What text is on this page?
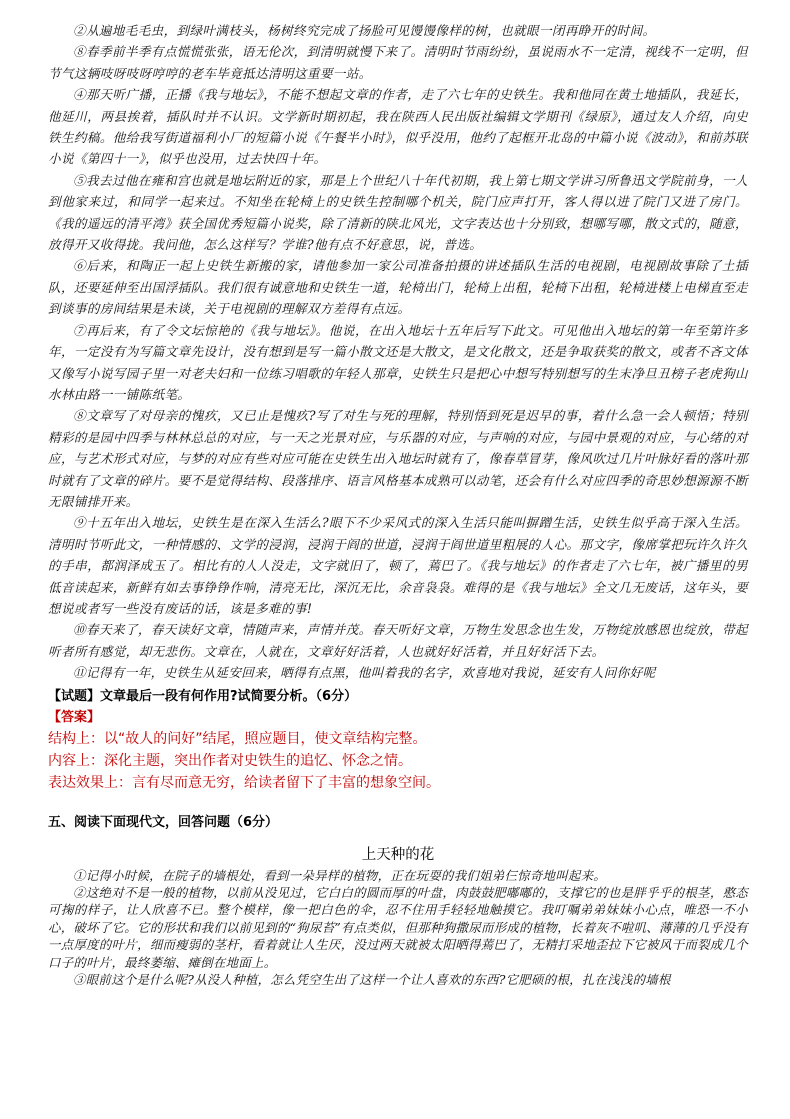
②从遍地毛毛虫，到绿叶满枝头，杨树终究完成了扬脸可见馒馒像样的树，也就眼一闭再睁开的时间。

⑧春季前半季有点慌慌张张，语无伦次，到清明就慢下来了。清明时节雨纷纷，虽说雨水不一定清，视线不一定明，但节气这辆吱呀吱呀哼哼的老车毕竟抵达清明这重要一站。

④那天听广播，正播《我与地坛》，不能不想起文章的作者，走了六七年的史铁生。我和他同在黄土地插队，我延长，他延川，两县挨着，插队时并不认识。文学新时期初起，我在陕西人民出版社编辑文学期刊《绿原》，通过友人介绍，向史铁生约稿。他给我写街道福利小厂的短篇小说《午餐半小时》，似乎没用，他约了起框开北岛的中篇小说《波动》，和前苏联小说《第四十一》，似乎也没用，过去快四十年。

⑤我去过他在雍和宫也就是地坛附近的家，那是上个世纪八十年代初期，我上第七期文学讲习所鲁迅文学院前身，一人到他家来过，和同学一起来过。不知坐在轮椅上的史铁生控制哪个机关，院门应声打开，客人得以进了院门又进了房门。《我的遥远的清平湾》获全国优秀短篇小说奖，除了清新的陕北风光，文字表达也十分别致，想哪写哪，散文式的，随意，放得开又收得拢。我问他，怎么这样写？学谁?他有点不好意思，说，普选。

⑥后来，和陶正一起上史铁生新搬的家，请他参加一家公司准备拍摄的讲述插队生活的电视剧，电视剧故事除了土插队，还要延伸至出国浮插队。我们很有诚意地和史铁生一道，轮椅出门，轮椅上出租，轮椅下出租，轮椅进楼上电梯直至走到谈事的房间结果是未谈，关于电视剧的理解双方差得有点远。

⑦再后来，有了令文坛惊艳的《我与地坛》。他说，在出入地坛十五年后写下此文。可见他出入地坛的第一年至第许多年，一定没有为写篇文章先设计，没有想到是写一篇小散文还是大散文，是文化散文，还是争取获奖的散文，或者不吝文体又像写小说写园子里一对老夫妇和一位练习唱歌的年轻人那章，史铁生只是把心中想写特别想写的生末净旦丑榜子老虎狗山水林由路一一铺陈纸笔。

⑧文章写了对母亲的愧疚，又已止是愧疚?写了对生与死的理解，特别悟到死是迟早的事，着什么急一会人顿悟；特别精彩的是园中四季与林林总总的对应，与一天之光景对应，与乐器的对应，与声响的对应，与园中景观的对应，与心绪的对应，与艺术形式对应，与梦的对应有些对应可能在史铁生出入地坛时就有了，像春草冒芽，像风吹过几片叶脉好看的落叶那时就有了文章的碎片。要不是觉得结构、段落排序、语言风格基本成熟可以动笔，还会有什么对应四季的奇思妙想源源不断无限铺排开来。

⑨十五年出入地坛，史铁生是在深入生活么?眼下不少采风式的深入生活只能叫摒蹭生活，史铁生似乎高于深入生活。清明时节听此文，一种情感的、文学的浸润，浸润于阎的世道，浸润于阎世道里粗展的人心。那文字，像席掌把玩许久许久的手串，都润泽成玉了。相比有的人人没走，文字就旧了，顿了，蔫巴了。《我与地坛》的作者走了六七年，被广播里的男低音读起来，新鲜有如去事铮铮作响，清亮无比，深沉无比，余音袅袅。难得的是《我与地坛》全文几无废话，这年头，要想说或者写一些没有废话的话，该是多难的事!

⑩春天来了，春天读好文章，情随声来，声情并茂。春天听好文章，万物生发思念也生发，万物绽放感恩也绽放，带起听者所有感觉，却无悲伤。文章在，人就在，文章好好活着，人也就好好活着，并且好好活下去。

⑪记得有一年，史铁生从延安回来，晒得有点黑，他叫着我的名字，欢喜地对我说，延安有人问你好呢

【试题】文章最后一段有何作用?试简要分析。（6分）

【答案】

结构上：以“故人的问好”结尾，照应题目，使文章结构完整。

内容上：深化主题，突出作者对史铁生的追忆、怀念之情。

表达效果上：言有尽而意无穷，给读者留下了丰富的想象空间。

五、阅读下面现代文，回答问题（6分）

上天种的花

①记得小时候，在院子的墙根处，看到一朵异样的植物，正在玩耍的我们姐弟仨惊奇地叫起来。

②这绝对不是一般的植物，以前从没见过，它白白的圆而厚的叶盘，肉鼓鼓肥嘟嘟的，支撑它的也是胖乎乎的根茎，憨态可掬的样子，让人欣喜不已。整个模样，像一把白色的伞，忍不住用手轻轻地触摸它。我叮嘱弟弟妹妹小心点，唯恐一不小心，破坏了它。它的形状和我们以前见到的“狗尿苔”有点类似，但那种狗撒尿而形成的植物，长着灰不啦叽、薄薄的几乎没有一点厚度的叶片，细而瘦弱的茎杆，看着就让人生厌，没过两天就被太阳晒得蔫巴了，无精打采地歪拉下它被风干而裂成几个口子的叶片，最终萎缩、瘫倒在地面上。

③眼前这个是什么呢?从没人种植，怎么凭空生出了这样一个让人喜欢的东西?它肥硕的根，扎在浅浅的墙根
